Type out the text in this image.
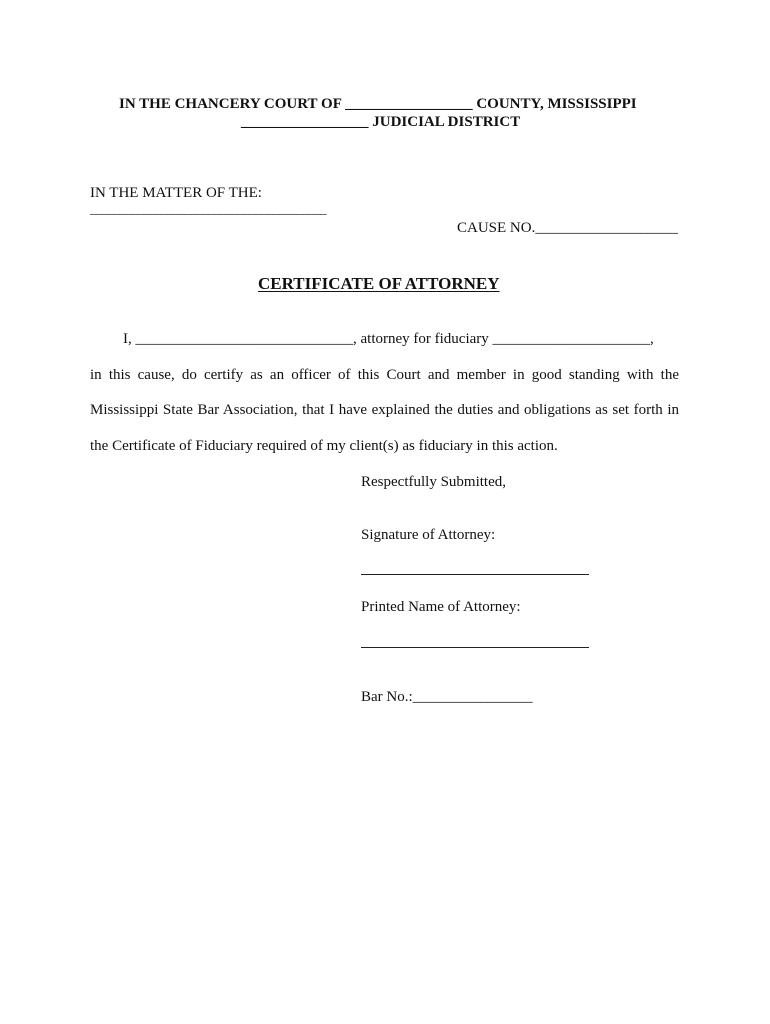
IN THE CHANCERY COURT OF _________________ COUNTY, MISSISSIPPI
_________________ JUDICIAL DISTRICT
IN THE MATTER OF THE:
________________________________________
CAUSE NO.___________________
CERTIFICATE OF ATTORNEY
I, _____________________________, attorney for fiduciary _____________________,
in this cause, do certify as an officer of this Court and member in good standing with the
Mississippi State Bar Association, that I have explained the duties and obligations as set forth in
the Certificate of Fiduciary required of my client(s) as fiduciary in this action.
Respectfully Submitted,
Signature of Attorney:
Printed Name of Attorney:
Bar No.:________________
